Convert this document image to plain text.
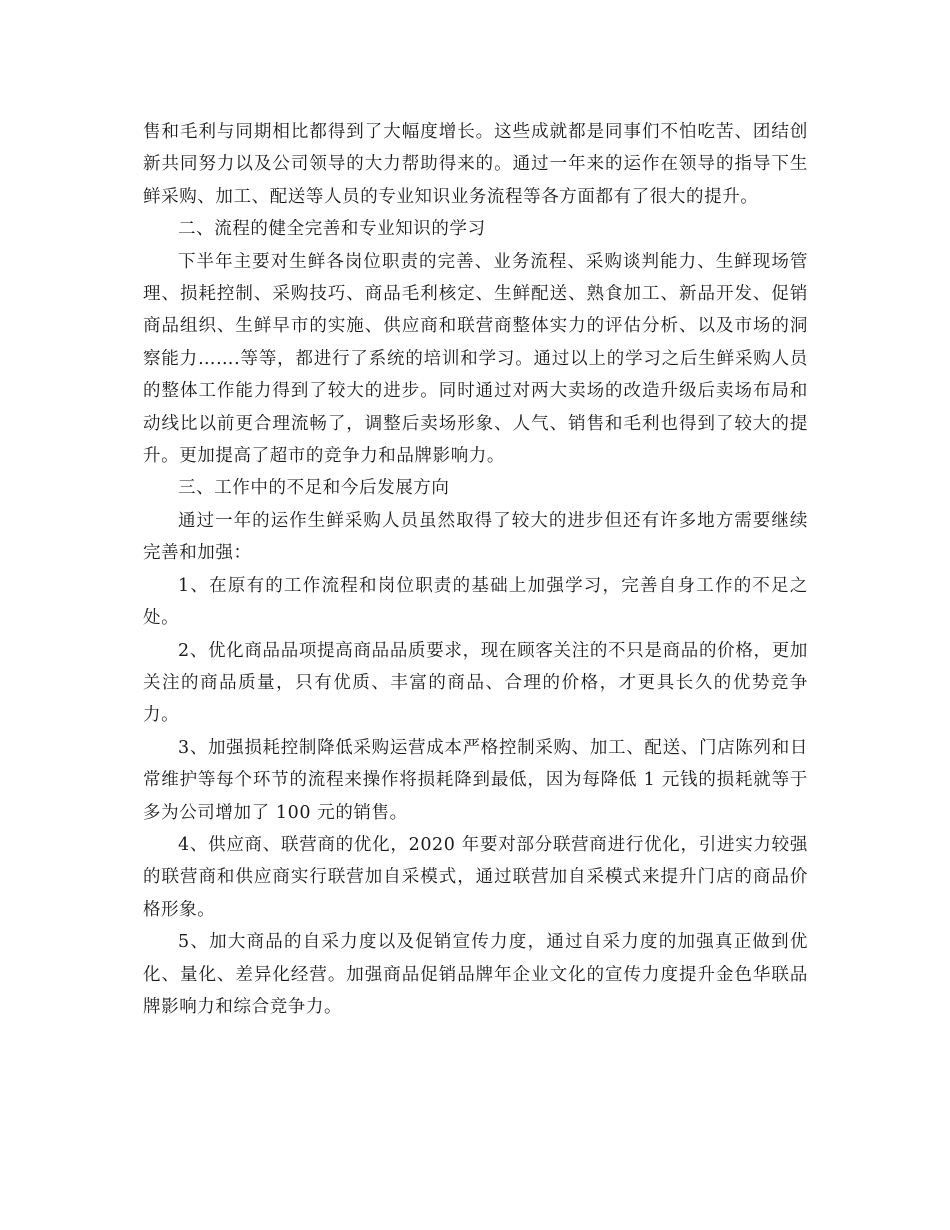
售和毛利与同期相比都得到了大幅度增长。这些成就都是同事们不怕吃苦、团结创新共同努力以及公司领导的大力帮助得来的。通过一年来的运作在领导的指导下生鲜采购、加工、配送等人员的专业知识业务流程等各方面都有了很大的提升。

二、流程的健全完善和专业知识的学习

下半年主要对生鲜各岗位职责的完善、业务流程、采购谈判能力、生鲜现场管理、损耗控制、采购技巧、商品毛利核定、生鲜配送、熟食加工、新品开发、促销商品组织、生鲜早市的实施、供应商和联营商整体实力的评估分析、以及市场的洞察能力…….等等，都进行了系统的培训和学习。通过以上的学习之后生鲜采购人员的整体工作能力得到了较大的进步。同时通过对两大卖场的改造升级后卖场布局和动线比以前更合理流畅了，调整后卖场形象、人气、销售和毛利也得到了较大的提升。更加提高了超市的竞争力和品牌影响力。

三、工作中的不足和今后发展方向

通过一年的运作生鲜采购人员虽然取得了较大的进步但还有许多地方需要继续完善和加强：

1、在原有的工作流程和岗位职责的基础上加强学习，完善自身工作的不足之处。

2、优化商品品项提高商品品质要求，现在顾客关注的不只是商品的价格，更加关注的商品质量，只有优质、丰富的商品、合理的价格，才更具长久的优势竞争力。

3、加强损耗控制降低采购运营成本严格控制采购、加工、配送、门店陈列和日常维护等每个环节的流程来操作将损耗降到最低，因为每降低 1 元钱的损耗就等于多为公司增加了 100 元的销售。

4、供应商、联营商的优化，2020 年要对部分联营商进行优化，引进实力较强的联营商和供应商实行联营加自采模式，通过联营加自采模式来提升门店的商品价格形象。

5、加大商品的自采力度以及促销宣传力度，通过自采力度的加强真正做到优化、量化、差异化经营。加强商品促销品牌年企业文化的宣传力度提升金色华联品牌影响力和综合竞争力。
